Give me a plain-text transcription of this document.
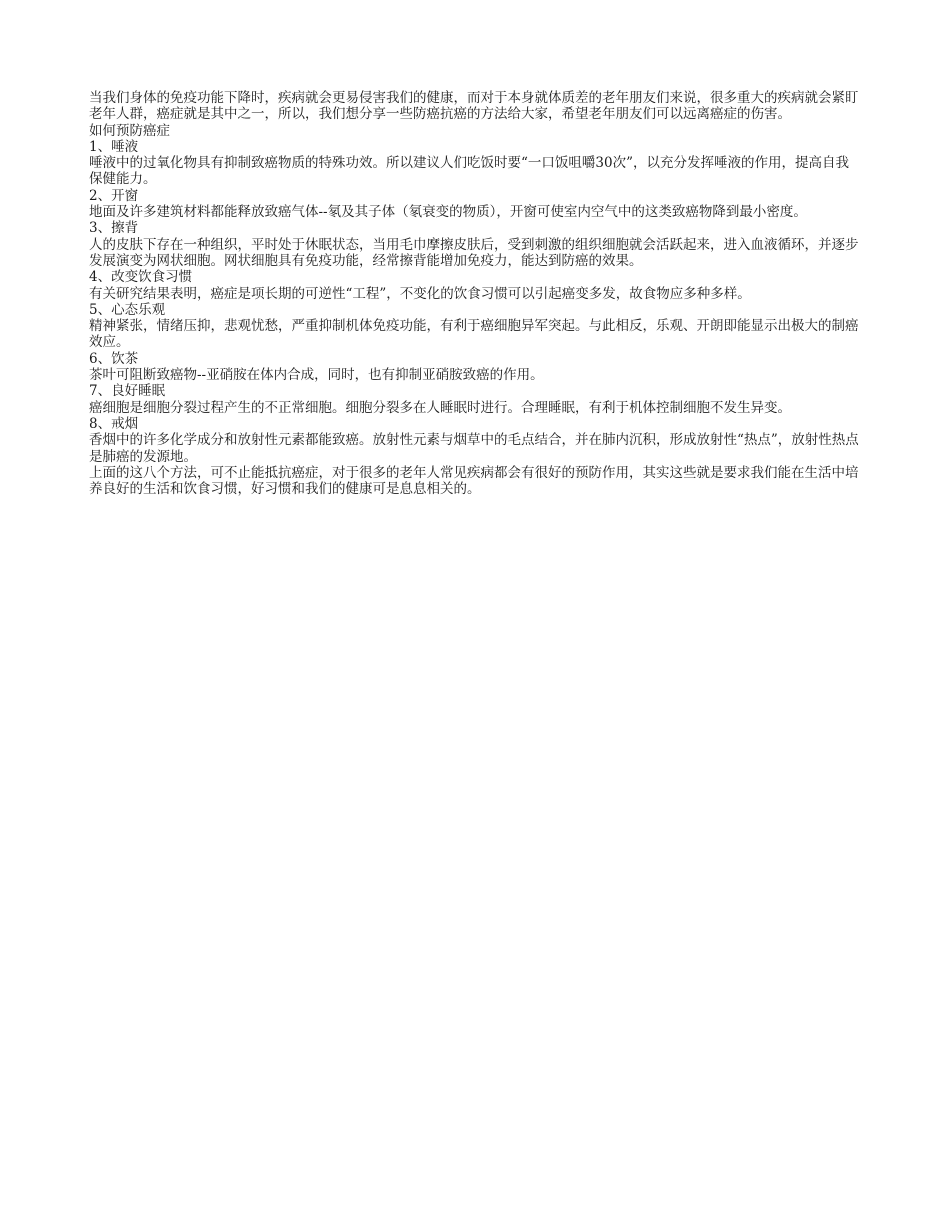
当我们身体的免疫功能下降时，疾病就会更易侵害我们的健康，而对于本身就体质差的老年朋友们来说，很多重大的疾病就会紧盯老年人群，癌症就是其中之一，所以，我们想分享一些防癌抗癌的方法给大家，希望老年朋友们可以远离癌症的伤害。

如何预防癌症

1、唾液

唾液中的过氧化物具有抑制致癌物质的特殊功效。所以建议人们吃饭时要“一口饭咀嚼30次”，以充分发挥唾液的作用，提高自我保健能力。

2、开窗

地面及许多建筑材料都能释放致癌气体--氡及其子体（氡衰变的物质），开窗可使室内空气中的这类致癌物降到最小密度。

3、擦背

人的皮肤下存在一种组织，平时处于休眠状态，当用毛巾摩擦皮肤后，受到刺激的组织细胞就会活跃起来，进入血液循环，并逐步发展演变为网状细胞。网状细胞具有免疫功能，经常擦背能增加免疫力，能达到防癌的效果。

4、改变饮食习惯

有关研究结果表明，癌症是项长期的可逆性“工程”，不变化的饮食习惯可以引起癌变多发，故食物应多种多样。

5、心态乐观

精神紧张，情绪压抑，悲观忧愁，严重抑制机体免疫功能，有利于癌细胞异军突起。与此相反，乐观、开朗即能显示出极大的制癌效应。

6、饮茶

茶叶可阻断致癌物--亚硝胺在体内合成，同时，也有抑制亚硝胺致癌的作用。

7、良好睡眠

癌细胞是细胞分裂过程产生的不正常细胞。细胞分裂多在人睡眠时进行。合理睡眠，有利于机体控制细胞不发生异变。

8、戒烟

香烟中的许多化学成分和放射性元素都能致癌。放射性元素与烟草中的毛点结合，并在肺内沉积，形成放射性“热点”，放射性热点是肺癌的发源地。

上面的这八个方法，可不止能抵抗癌症，对于很多的老年人常见疾病都会有很好的预防作用，其实这些就是要求我们能在生活中培养良好的生活和饮食习惯，好习惯和我们的健康可是息息相关的。
